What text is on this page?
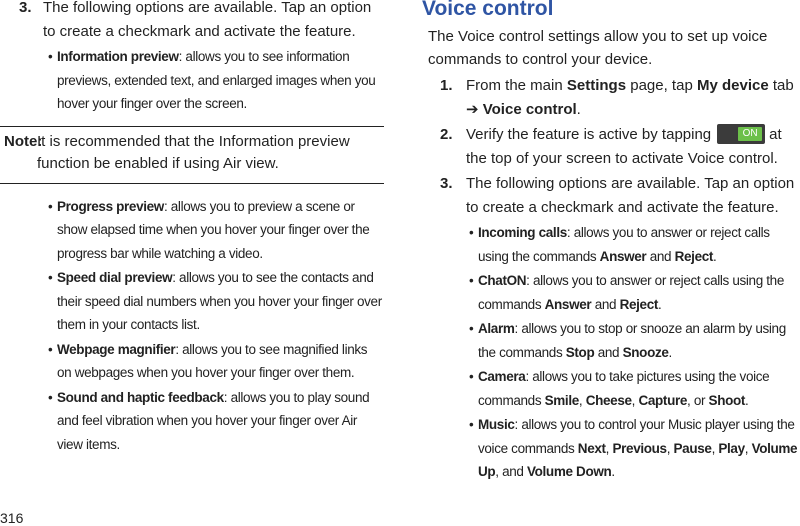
3. The following options are available. Tap an option to create a checkmark and activate the feature.
• Information preview: allows you to see information previews, extended text, and enlarged images when you hover your finger over the screen.
Note:
It is recommended that the Information preview function be enabled if using Air view.
• Progress preview: allows you to preview a scene or show elapsed time when you hover your finger over the progress bar while watching a video.
• Speed dial preview: allows you to see the contacts and their speed dial numbers when you hover your finger over them in your contacts list.
• Webpage magnifier: allows you to see magnified links on webpages when you hover your finger over them.
• Sound and haptic feedback: allows you to play sound and feel vibration when you hover your finger over Air view items.
Voice control
The Voice control settings allow you to set up voice commands to control your device.
1. From the main Settings page, tap My device tab ➔ Voice control.
2. Verify the feature is active by tapping	ON at the top of your screen to activate Voice control.
3. The following options are available. Tap an option to create a checkmark and activate the feature.
• Incoming calls: allows you to answer or reject calls using the commands Answer and Reject.
• ChatON: allows you to answer or reject calls using the commands Answer and Reject.
• Alarm: allows you to stop or snooze an alarm by using the commands Stop and Snooze.
• Camera: allows you to take pictures using the voice commands Smile, Cheese, Capture, or Shoot.
• Music: allows you to control your Music player using the voice commands Next, Previous, Pause, Play, Volume Up, and Volume Down.
316
